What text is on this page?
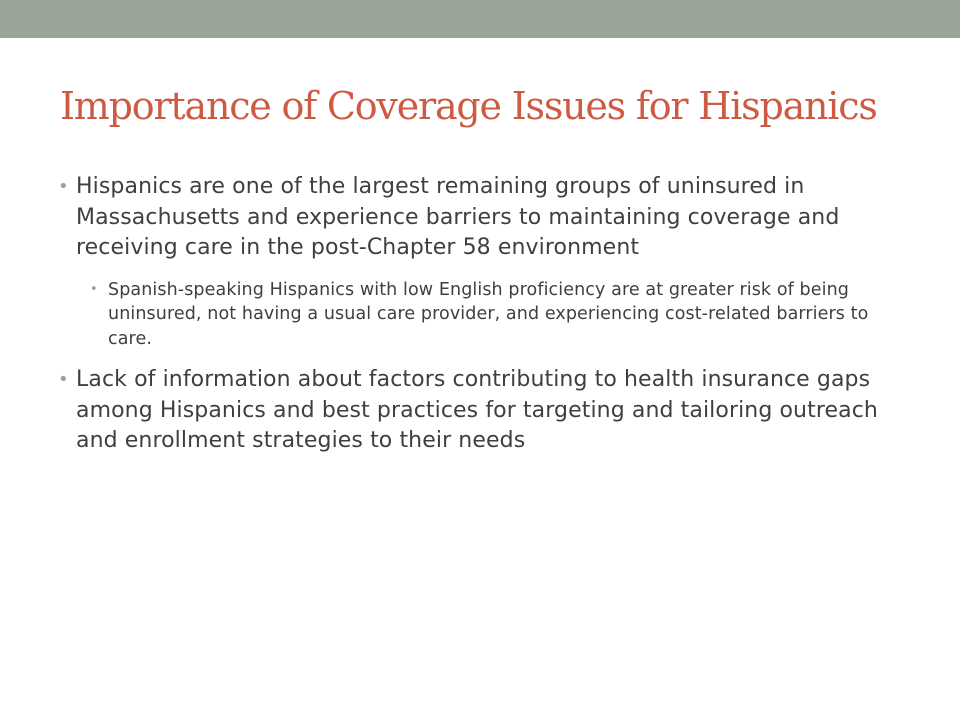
Importance of Coverage Issues for Hispanics
• Hispanics are one of the largest remaining groups of uninsured in Massachusetts and experience barriers to maintaining coverage and receiving care in the post-Chapter 58 environment
• Spanish-speaking Hispanics with low English proficiency are at greater risk of being uninsured, not having a usual care provider, and experiencing cost-related barriers to care.
• Lack of information about factors contributing to health insurance gaps among Hispanics and best practices for targeting and tailoring outreach and enrollment strategies to their needs
